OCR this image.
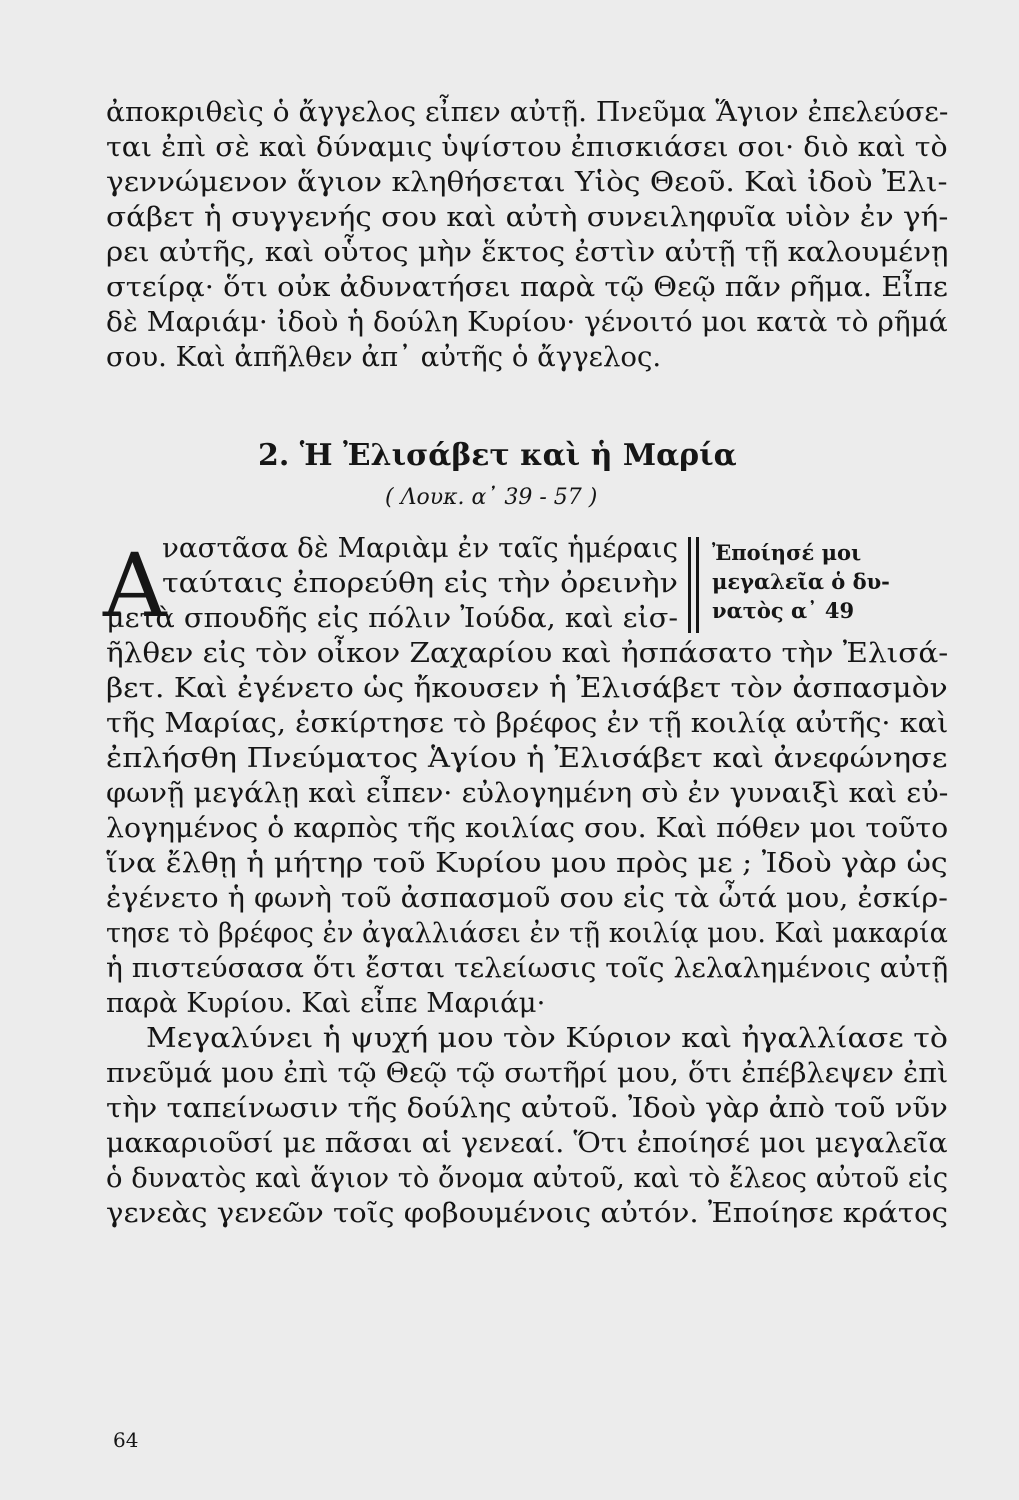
ἀποκριθεὶς ὁ ἄγγελος εἶπεν αὐτῇ. Πνεῦμα Ἅγιον ἐπελεύσε-
ται ἐπὶ σὲ καὶ δύναμις ὑψίστου ἐπισκιάσει σοι· διὸ καὶ τὸ
γεννώμενον ἅγιον κληθήσεται Υἱὸς Θεοῦ. Καὶ ἰδοὺ Ἐλι-
σάβετ ἡ συγγενής σου καὶ αὐτὴ συνειληφυῖα υἱὸν ἐν γή-
ρει αὐτῆς, καὶ οὗτος μὴν ἕκτος ἐστὶν αὐτῇ τῇ καλουμένῃ
στείρᾳ· ὅτι οὐκ ἀδυνατήσει παρὰ τῷ Θεῷ πᾶν ρῆμα. Εἶπε
δὲ Μαριάμ· ἰδοὺ ἡ δούλη Κυρίου· γένοιτό μοι κατὰ τὸ ρῆμά
σου. Καὶ ἀπῆλθεν ἀπ᾽ αὐτῆς ὁ ἄγγελος.
2. Ἡ Ἐλισάβετ καὶ ἡ Μαρία
( Λουκ. α᾽ 39 - 57 )
Α
ναστᾶσα δὲ Μαριὰμ ἐν ταῖς ἡμέραις
ταύταις ἐπορεύθη εἰς τὴν ὀρεινὴν
μετὰ σπουδῆς εἰς πόλιν Ἰούδα, καὶ εἰσ-
Ἐποίησέ μοι
μεγαλεῖα ὁ δυ-
νατὸς α᾽ 49
ῆλθεν εἰς τὸν οἶκον Ζαχαρίου καὶ ἠσπάσατο τὴν Ἐλισά-
βετ. Καὶ ἐγένετο ὡς ἤκουσεν ἡ Ἐλισάβετ τὸν ἀσπασμὸν
τῆς Μαρίας, ἐσκίρτησε τὸ βρέφος ἐν τῇ κοιλίᾳ αὐτῆς· καὶ
ἐπλήσθη Πνεύματος Ἁγίου ἡ Ἐλισάβετ καὶ ἀνεφώνησε
φωνῇ μεγάλῃ καὶ εἶπεν· εὐλογημένη σὺ ἐν γυναιξὶ καὶ εὐ-
λογημένος ὁ καρπὸς τῆς κοιλίας σου. Καὶ πόθεν μοι τοῦτο
ἵνα ἔλθῃ ἡ μήτηρ τοῦ Κυρίου μου πρὸς με ; Ἰδοὺ γὰρ ὡς
ἐγένετο ἡ φωνὴ τοῦ ἀσπασμοῦ σου εἰς τὰ ὦτά μου, ἐσκίρ-
τησε τὸ βρέφος ἐν ἀγαλλιάσει ἐν τῇ κοιλίᾳ μου. Καὶ μακαρία
ἡ πιστεύσασα ὅτι ἔσται τελείωσις τοῖς λελαλημένοις αὐτῇ
παρὰ Κυρίου. Καὶ εἶπε Μαριάμ·
Μεγαλύνει ἡ ψυχή μου τὸν Κύριον καὶ ἠγαλλίασε τὸ
πνεῦμά μου ἐπὶ τῷ Θεῷ τῷ σωτῆρί μου, ὅτι ἐπέβλεψεν ἐπὶ
τὴν ταπείνωσιν τῆς δούλης αὐτοῦ. Ἰδοὺ γὰρ ἀπὸ τοῦ νῦν
μακαριοῦσί με πᾶσαι αἱ γενεαί. Ὅτι ἐποίησέ μοι μεγαλεῖα
ὁ δυνατὸς καὶ ἅγιον τὸ ὄνομα αὐτοῦ, καὶ τὸ ἔλεος αὐτοῦ εἰς
γενεὰς γενεῶν τοῖς φοβουμένοις αὐτόν. Ἐποίησε κράτος
64
